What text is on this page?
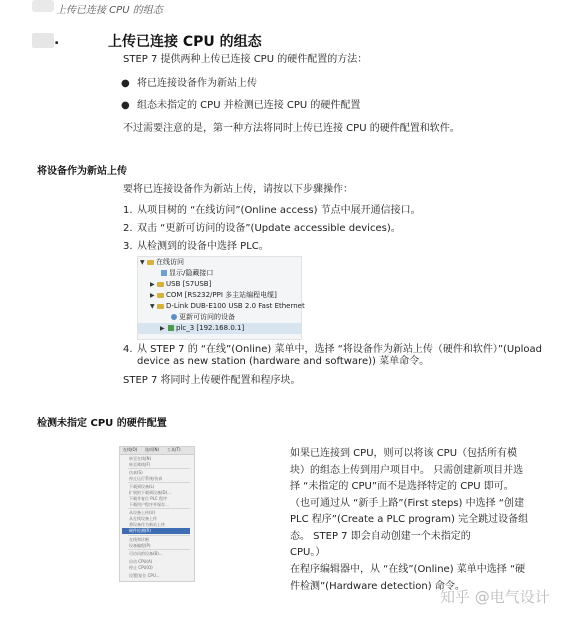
上传已连接 CPU 的组态
.	上传已连接 CPU 的组态
STEP 7 提供两种上传已连接 CPU 的硬件配置的方法：
● 将已连接设备作为新站上传
● 组态未指定的 CPU 并检测已连接 CPU 的硬件配置
不过需要注意的是，第一种方法将同时上传已连接 CPU 的硬件配置和软件。
将设备作为新站上传
要将已连接设备作为新站上传，请按以下步骤操作：
1. 从项目树的 “在线访问”(Online access) 节点中展开通信接口。
2. 双击 “更新可访问的设备”(Update accessible devices)。
3. 从检测到的设备中选择 PLC。
▼ 在线访问
显示/隐藏接口
▶ USB [S7USB]
▶ COM [RS232/PPI 多主站编程电缆]
▼ D-Link DUB-E100 USB 2.0 Fast Ethernet
更新可访问的设备
▶ plc_3 [192.168.0.1]
4. 从 STEP 7 的 “在线”(Online) 菜单中，选择 “将设备作为新站上传（硬件和软件）”(Upload
device as new station (hardware and software)) 菜单命令。
STEP 7 将同时上传硬件配置和程序块。
检测未指定 CPU 的硬件配置
在线(O) 选项(N) 工具(T)
转至在线(N)
转至离线(F)
仿真(S)
停止运行系统/仿真
下载到设备(L)
扩展的下载到设备(D)...
下载并复位 PLC 程序
下载用户程序并保存...
从设备上传(U)
从在线设备上传
将设备作为新站上传
硬件检测(R)
在线和诊断
设备编程(P)
可访问的设备(B)...
启动 CPU(A)
停止 CPU(O)
设置/复位 CPU...
如果已连接到 CPU，则可以将该 CPU（包括所有模
块）的组态上传到用户项目中。 只需创建新项目并选
择 “未指定的 CPU”而不是选择特定的 CPU 即可。
（也可通过从 “新手上路”(First steps) 中选择 “创建
PLC 程序”(Create a PLC program) 完全跳过设备组
态。 STEP 7 即会自动创建一个未指定的
CPU。）
在程序编辑器中，从 “在线”(Online) 菜单中选择 “硬
件检测”(Hardware detection) 命令。
知乎 @电气设计
